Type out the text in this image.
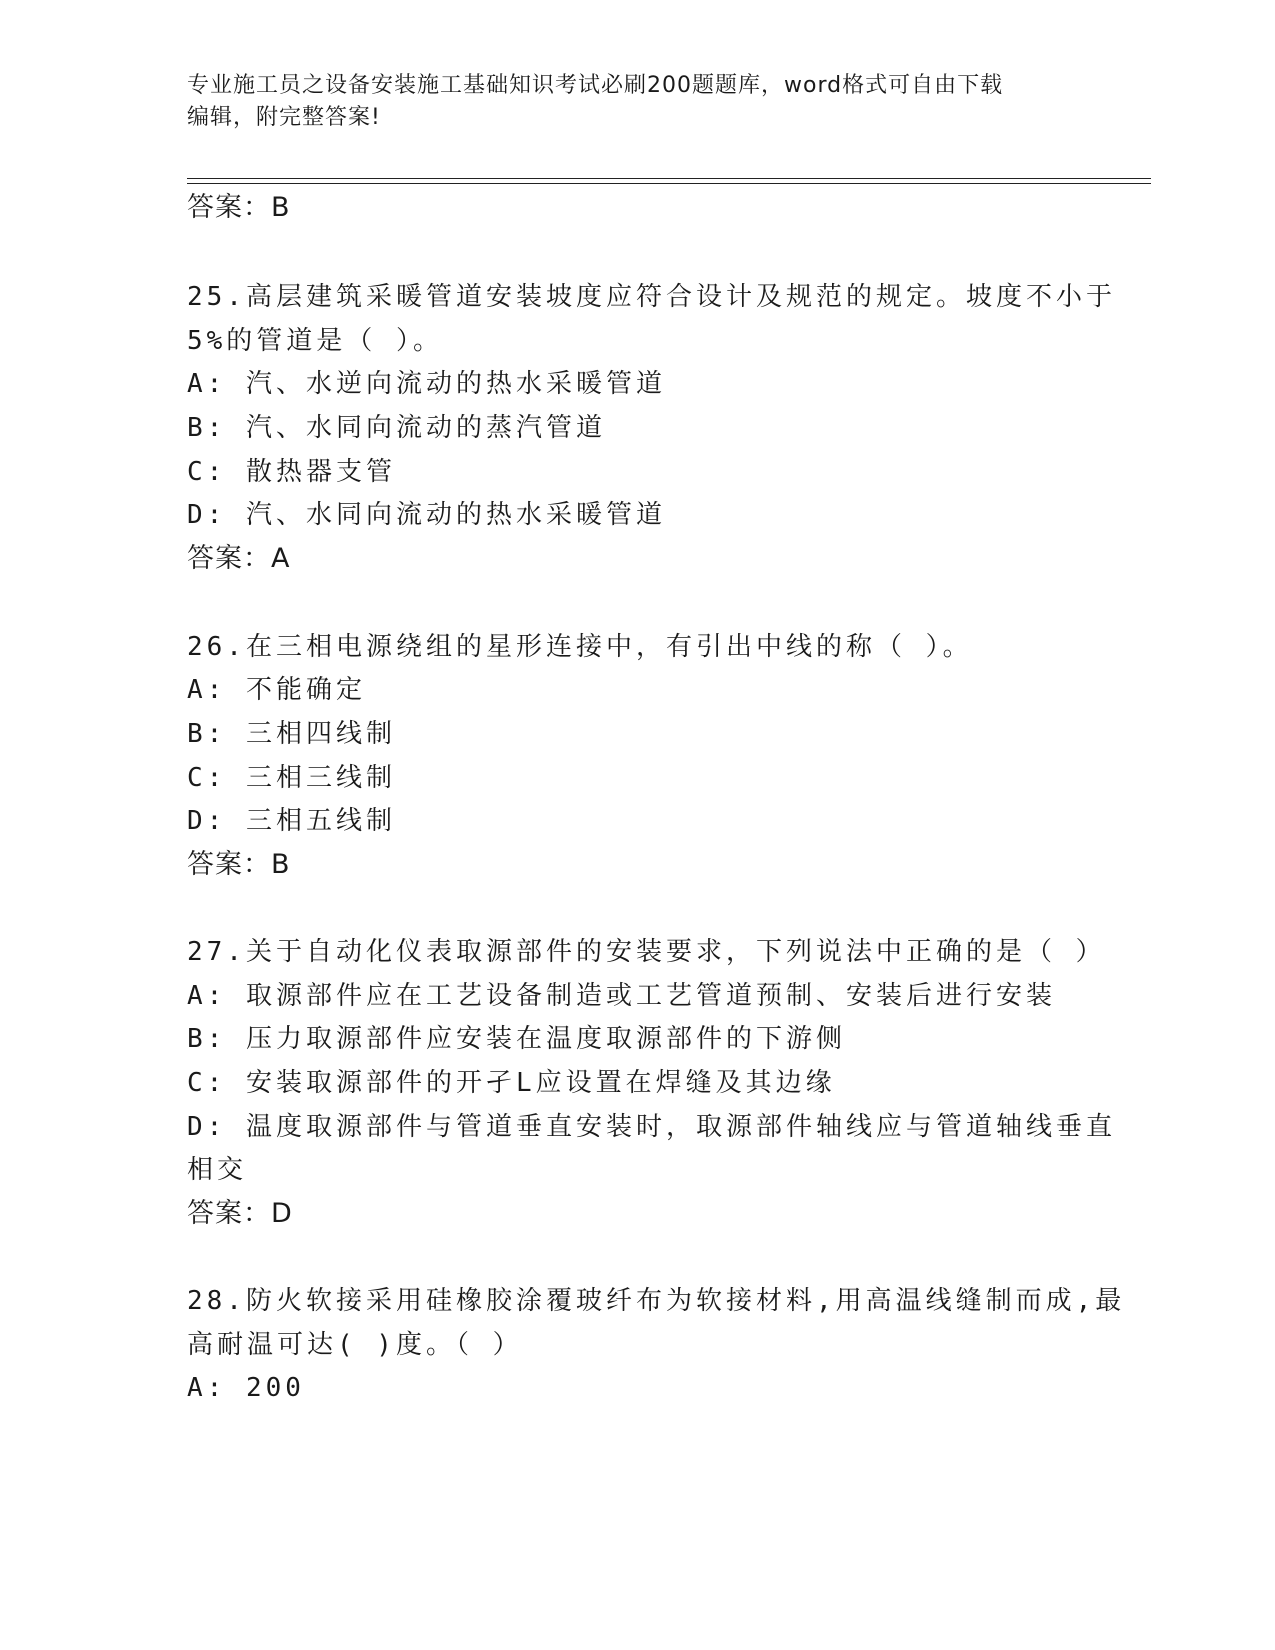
专业施工员之设备安装施工基础知识考试必刷200题题库，word格式可自由下载
编辑，附完整答案!
答案：B
25.高层建筑采暖管道安装坡度应符合设计及规范的规定。坡度不小于
5%的管道是（ ）。
A: 汽、水逆向流动的热水采暖管道
B: 汽、水同向流动的蒸汽管道
C: 散热器支管
D: 汽、水同向流动的热水采暖管道
答案：A
26.在三相电源绕组的星形连接中，有引出中线的称（ ）。
A: 不能确定
B: 三相四线制
C: 三相三线制
D: 三相五线制
答案：B
27.关于自动化仪表取源部件的安装要求，下列说法中正确的是（ ）
A: 取源部件应在工艺设备制造或工艺管道预制、安装后进行安装
B: 压力取源部件应安装在温度取源部件的下游侧
C: 安装取源部件的开孑L应设置在焊缝及其边缘
D: 温度取源部件与管道垂直安装时，取源部件轴线应与管道轴线垂直
相交
答案：D
28.防火软接采用硅橡胶涂覆玻纤布为软接材料,用高温线缝制而成,最
高耐温可达( )度。（ ）
A: 200
